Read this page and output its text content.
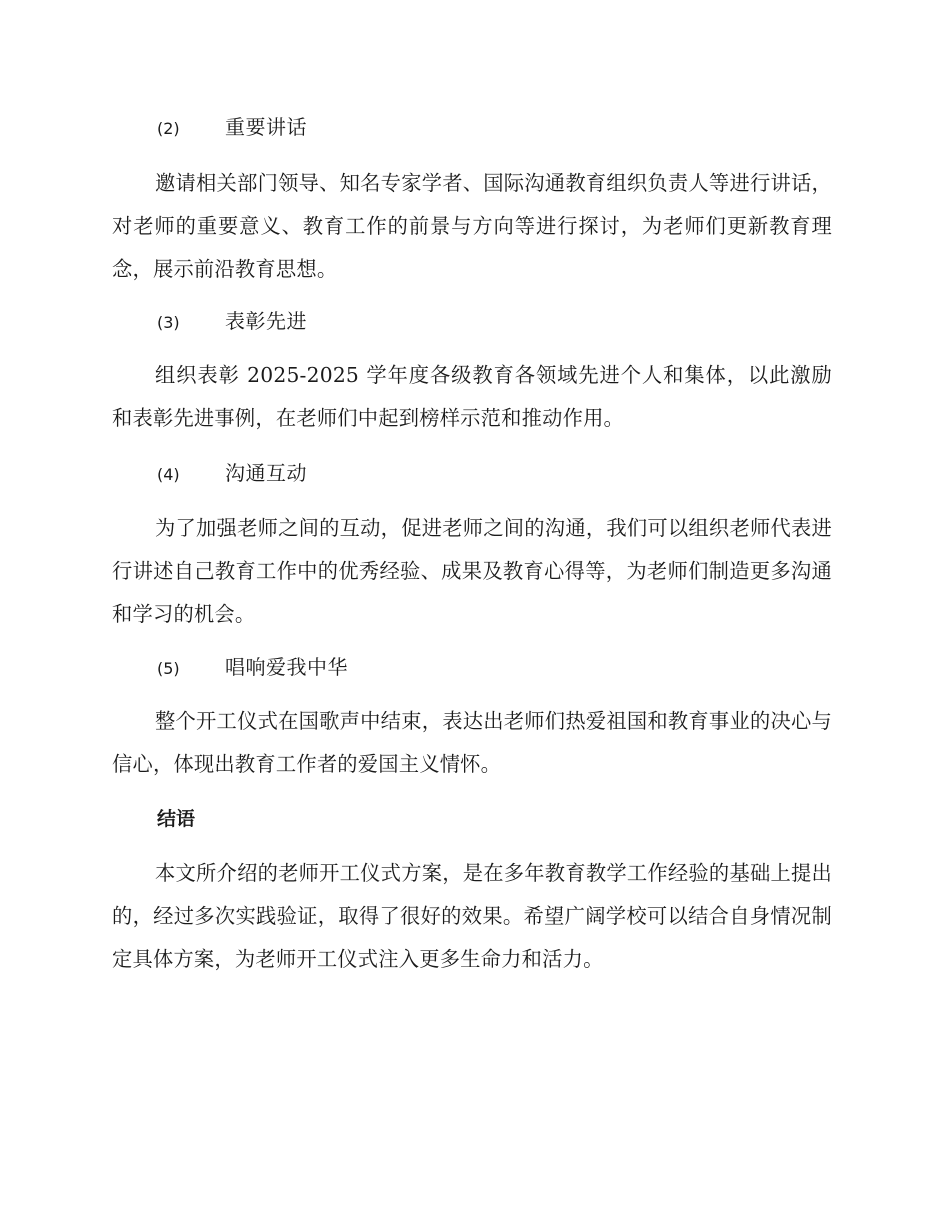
(2) 重要讲话

邀请相关部门领导、知名专家学者、国际沟通教育组织负责人等进行讲话，对老师的重要意义、教育工作的前景与方向等进行探讨，为老师们更新教育理念，展示前沿教育思想。

(3) 表彰先进

组织表彰 2025-2025 学年度各级教育各领域先进个人和集体，以此激励和表彰先进事例，在老师们中起到榜样示范和推动作用。

(4) 沟通互动

为了加强老师之间的互动，促进老师之间的沟通，我们可以组织老师代表进行讲述自己教育工作中的优秀经验、成果及教育心得等，为老师们制造更多沟通和学习的机会。

(5) 唱响爱我中华

整个开工仪式在国歌声中结束，表达出老师们热爱祖国和教育事业的决心与信心，体现出教育工作者的爱国主义情怀。

结语

本文所介绍的老师开工仪式方案，是在多年教育教学工作经验的基础上提出的，经过多次实践验证，取得了很好的效果。希望广阔学校可以结合自身情况制定具体方案，为老师开工仪式注入更多生命力和活力。
